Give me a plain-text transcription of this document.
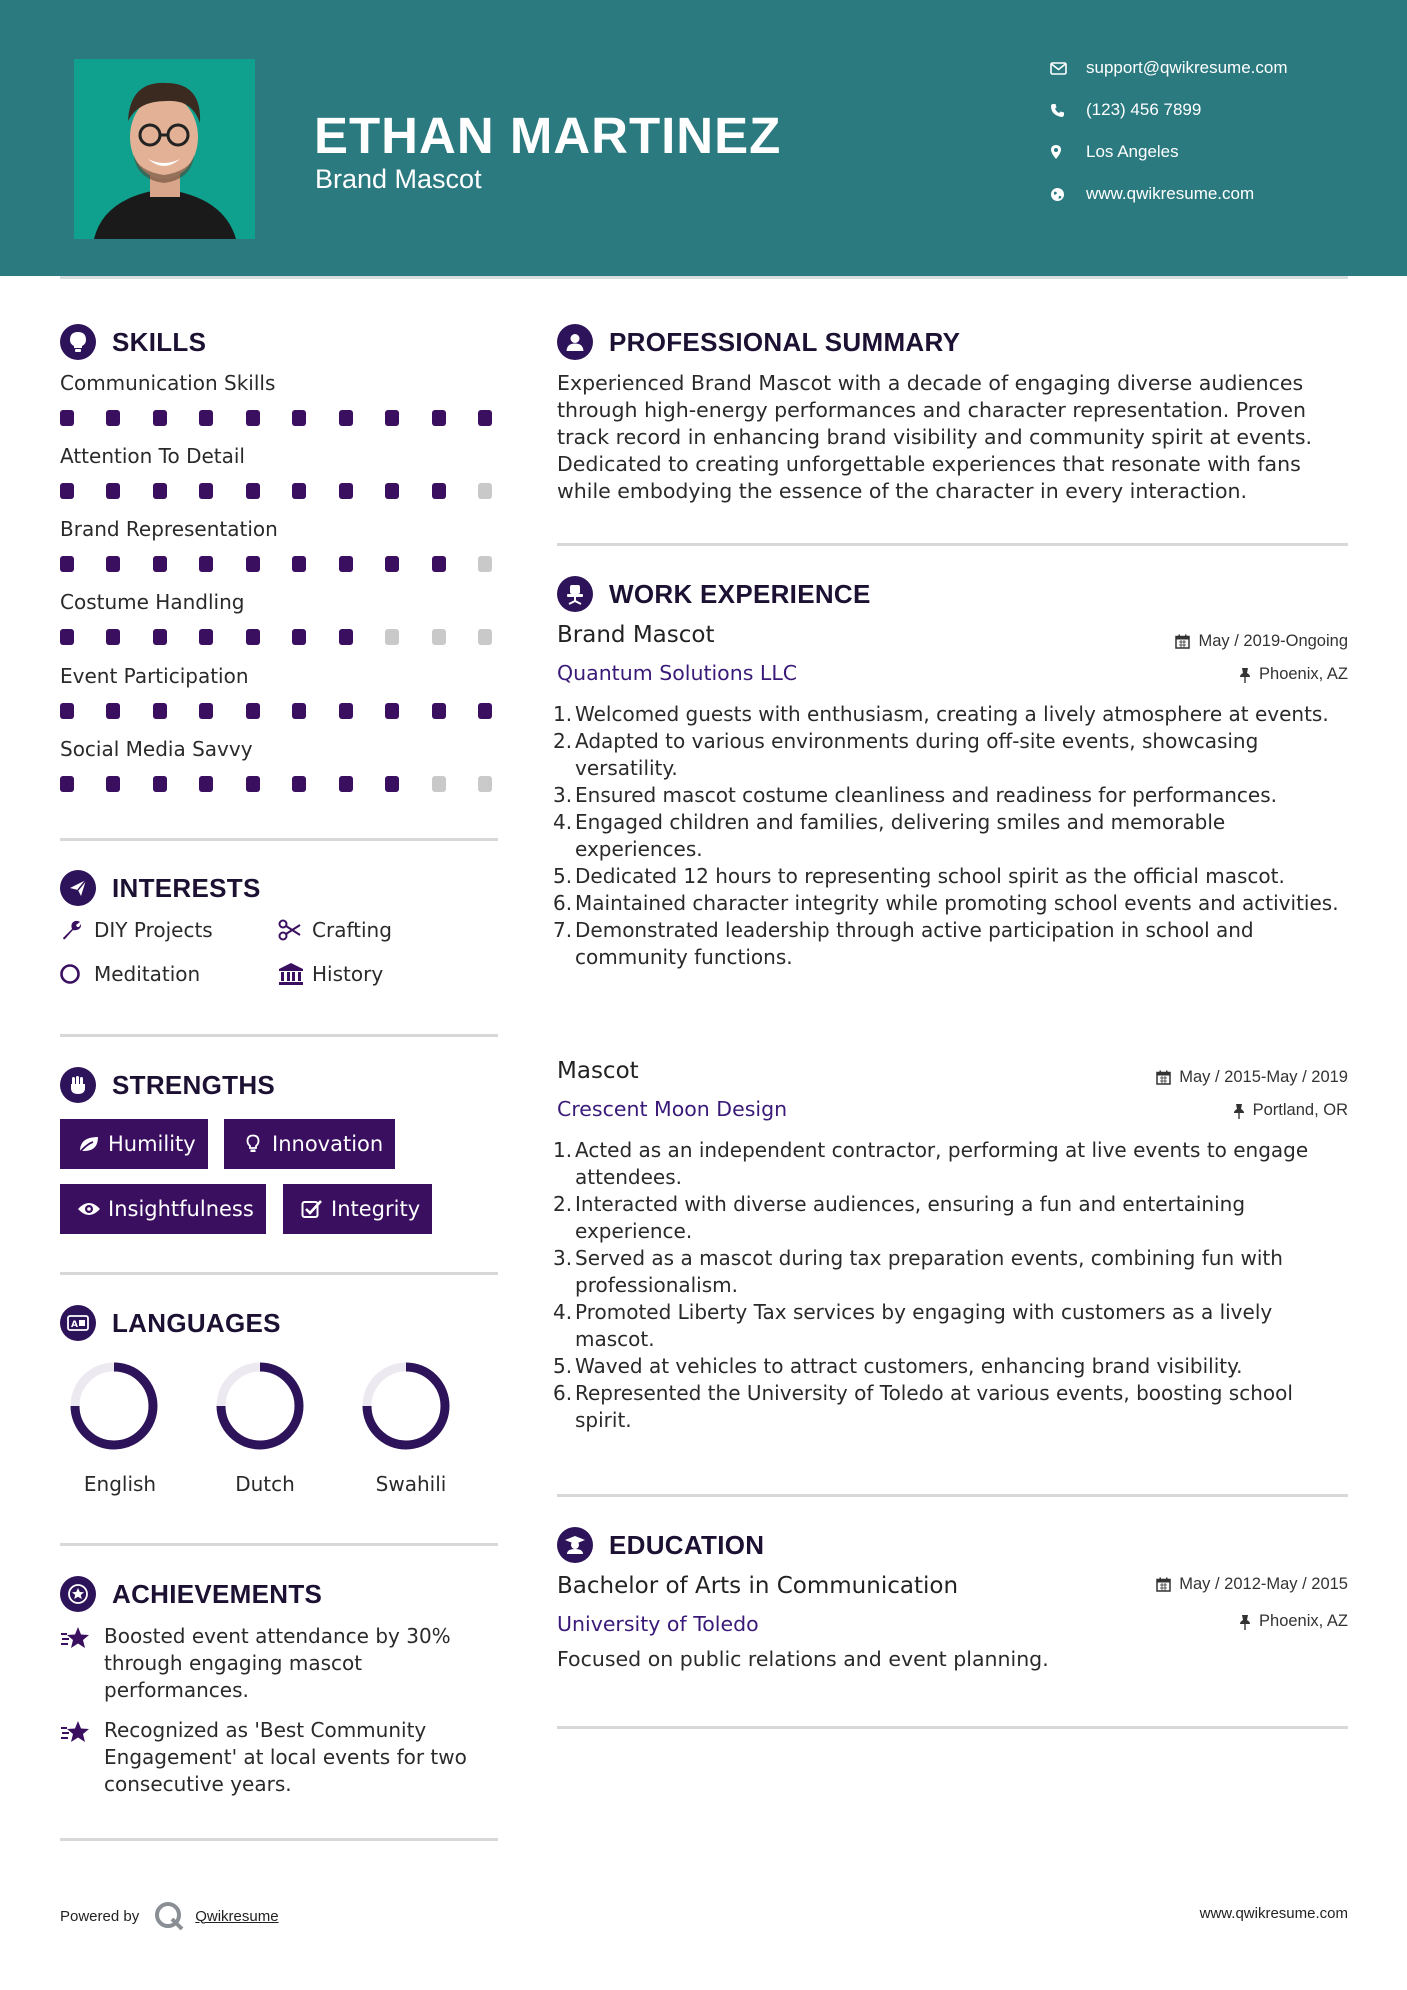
ETHAN MARTINEZ
Brand Mascot
support@qwikresume.com
(123) 456 7899
Los Angeles
www.qwikresume.com
SKILLS
Communication Skills
Attention To Detail
Brand Representation
Costume Handling
Event Participation
Social Media Savvy
INTERESTS
DIY Projects	Crafting
Meditation	History
STRENGTHS
Humility	Innovation
Insightfulness	Integrity
A LANGUAGES
English	Dutch	Swahili
ACHIEVEMENTS
Boosted event attendance by 30% through engaging mascot performances.
Recognized as 'Best Community Engagement' at local events for two consecutive years.
PROFESSIONAL SUMMARY
Experienced Brand Mascot with a decade of engaging diverse audiences through high-energy performances and character representation. Proven track record in enhancing brand visibility and community spirit at events. Dedicated to creating unforgettable experiences that resonate with fans while embodying the essence of the character in every interaction.
WORK EXPERIENCE
Brand Mascot	May / 2019-Ongoing
Quantum Solutions LLC	Phoenix, AZ
1. Welcomed guests with enthusiasm, creating a lively atmosphere at events.
2. Adapted to various environments during off-site events, showcasing versatility.
3. Ensured mascot costume cleanliness and readiness for performances.
4. Engaged children and families, delivering smiles and memorable experiences.
5. Dedicated 12 hours to representing school spirit as the official mascot.
6. Maintained character integrity while promoting school events and activities.
7. Demonstrated leadership through active participation in school and community functions.
Mascot	May / 2015-May / 2019
Crescent Moon Design	Portland, OR
1. Acted as an independent contractor, performing at live events to engage attendees.
2. Interacted with diverse audiences, ensuring a fun and entertaining experience.
3. Served as a mascot during tax preparation events, combining fun with professionalism.
4. Promoted Liberty Tax services by engaging with customers as a lively mascot.
5. Waved at vehicles to attract customers, enhancing brand visibility.
6. Represented the University of Toledo at various events, boosting school spirit.
EDUCATION
Bachelor of Arts in Communication	May / 2012-May / 2015
University of Toledo	Phoenix, AZ
Focused on public relations and event planning.
Powered by	Qwikresume	www.qwikresume.com
